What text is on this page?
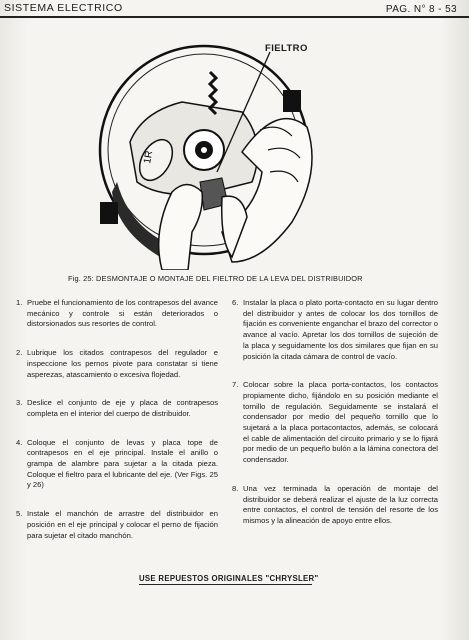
SISTEMA ELECTRICO	PAG. N° 8 - 53
1R
FIELTRO
Fig. 25: DESMONTAJE O MONTAJE DEL FIELTRO DE LA LEVA DEL DISTRIBUIDOR
1. Pruebe el funcionamiento de los contrapesos del avance mecánico y controle si están deteriorados o distorsionados sus resortes de control.
2. Lubrique los citados contrapesos del regulador e inspeccione los pernos pivote para constatar si tiene asperezas, atascamiento o excesiva flojedad.
3. Deslice el conjunto de eje y placa de contrapesos completa en el interior del cuerpo de distribuidor.
4. Coloque el conjunto de levas y placa tope de contrapesos en el eje principal. Instale el anillo o grampa de alambre para sujetar a la citada pieza. Coloque el fieltro para el lubricante del eje. (Ver Figs. 25 y 26)
5. Instale el manchón de arrastre del distribuidor en posición en el eje principal y colocar el perno de fijación para sujetar el citado manchón.
6. Instalar la placa o plato porta-contacto en su lugar dentro del distribuidor y antes de colocar los dos tornillos de fijación es conveniente enganchar el brazo del corrector o avance al vacío. Apretar los dos tornillos de sujeción de la placa y seguidamente los dos similares que fijan en su posición la citada cámara de control de vacío.
7. Colocar sobre la placa porta-contactos, los contactos propiamente dicho, fijándolo en su posición mediante el tornillo de regulación. Seguidamente se instalará el condensador por medio del pequeño tornillo que lo sujetará a la placa portacontactos, además, se colocará el cable de alimentación del circuito primario y se lo fijará por medio de un pequeño bulón a la lámina conectora del condensador.
8. Una vez terminada la operación de montaje del distribuidor se deberá realizar el ajuste de la luz correcta entre contactos, el control de tensión del resorte de los mismos y la alineación de apoyo entre ellos.
USE REPUESTOS ORIGINALES "CHRYSLER"
